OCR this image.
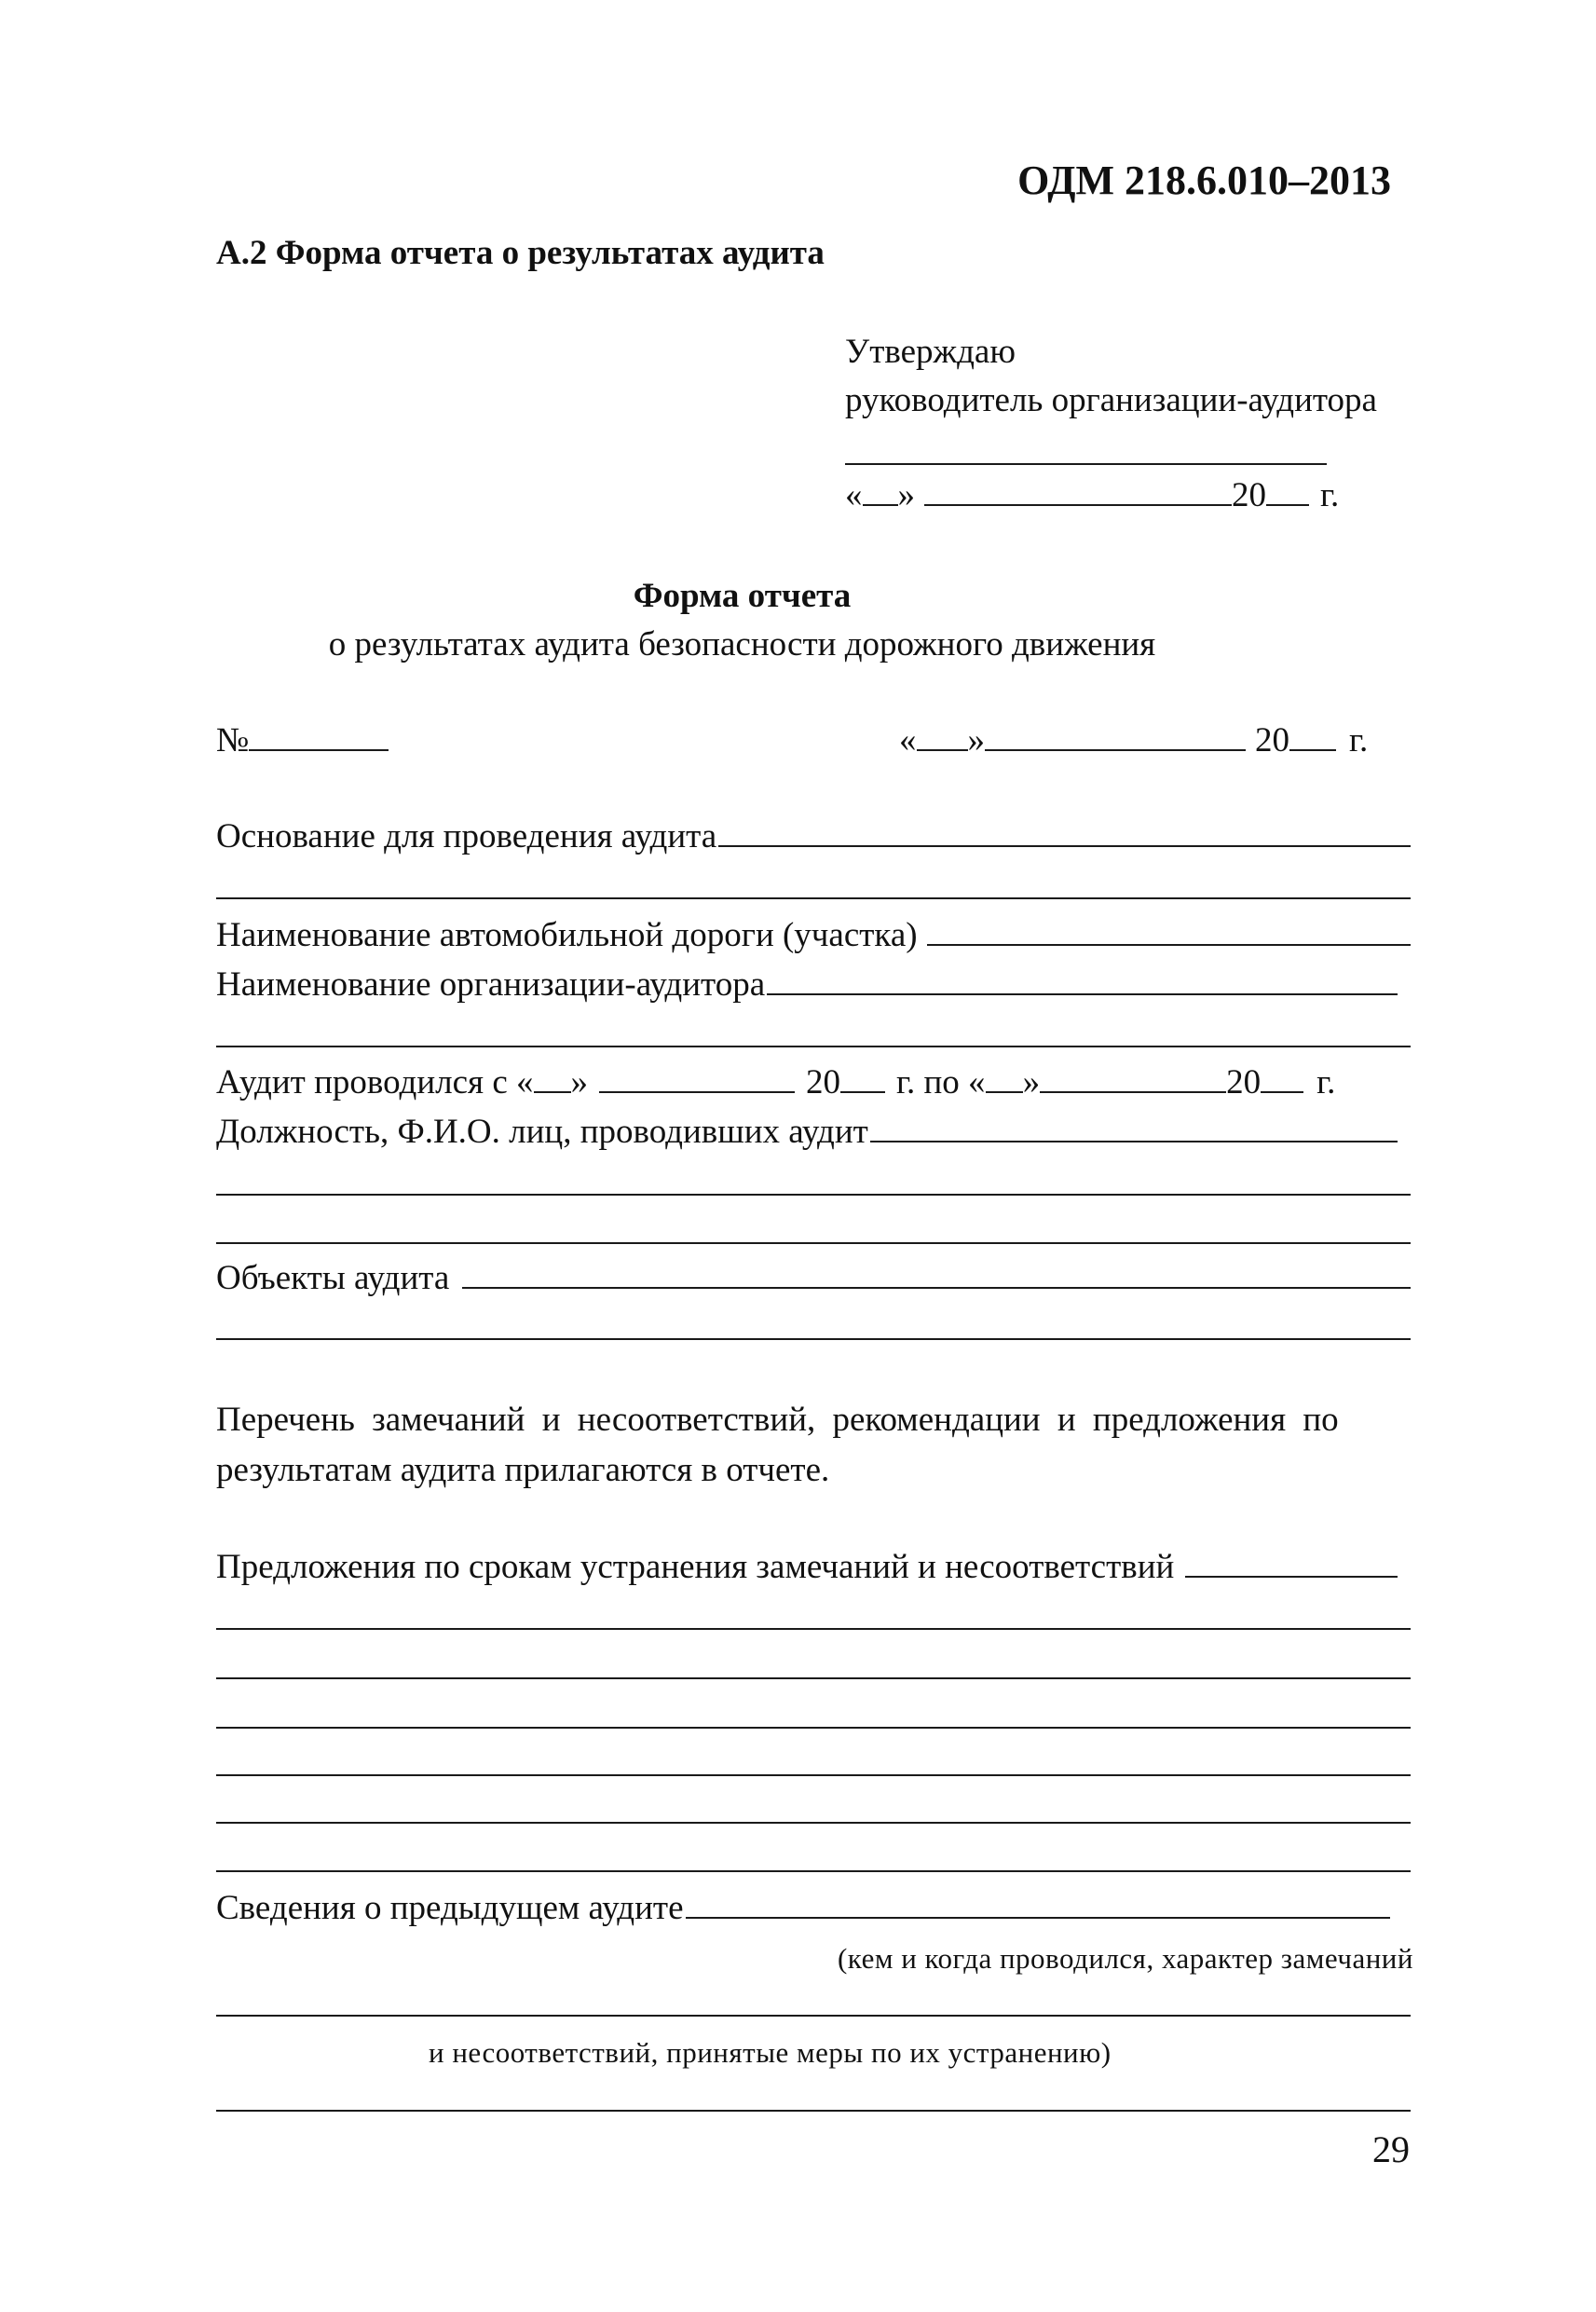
ОДМ 218.6.010–2013
А.2 Форма отчета о результатах аудита
Утверждаю
руководитель организации-аудитора
« »	20 г.
Форма отчета
о результатах аудита безопасности дорожного движения
№	« »	20 г.
Основание для проведения аудита
Наименование автомобильной дороги (участка)
Наименование организации-аудитора
Аудит проводился с « »	20 г. по « »	20 г.
Должность, Ф.И.О. лиц, проводивших аудит
Объекты аудита
Перечень замечаний и несоответствий, рекомендации и предложения по
результатам аудита прилагаются в отчете.
Предложения по срокам устранения замечаний и несоответствий
Сведения о предыдущем аудите
(кем и когда проводился, характер замечаний
и несоответствий, принятые меры по их устранению)
29
